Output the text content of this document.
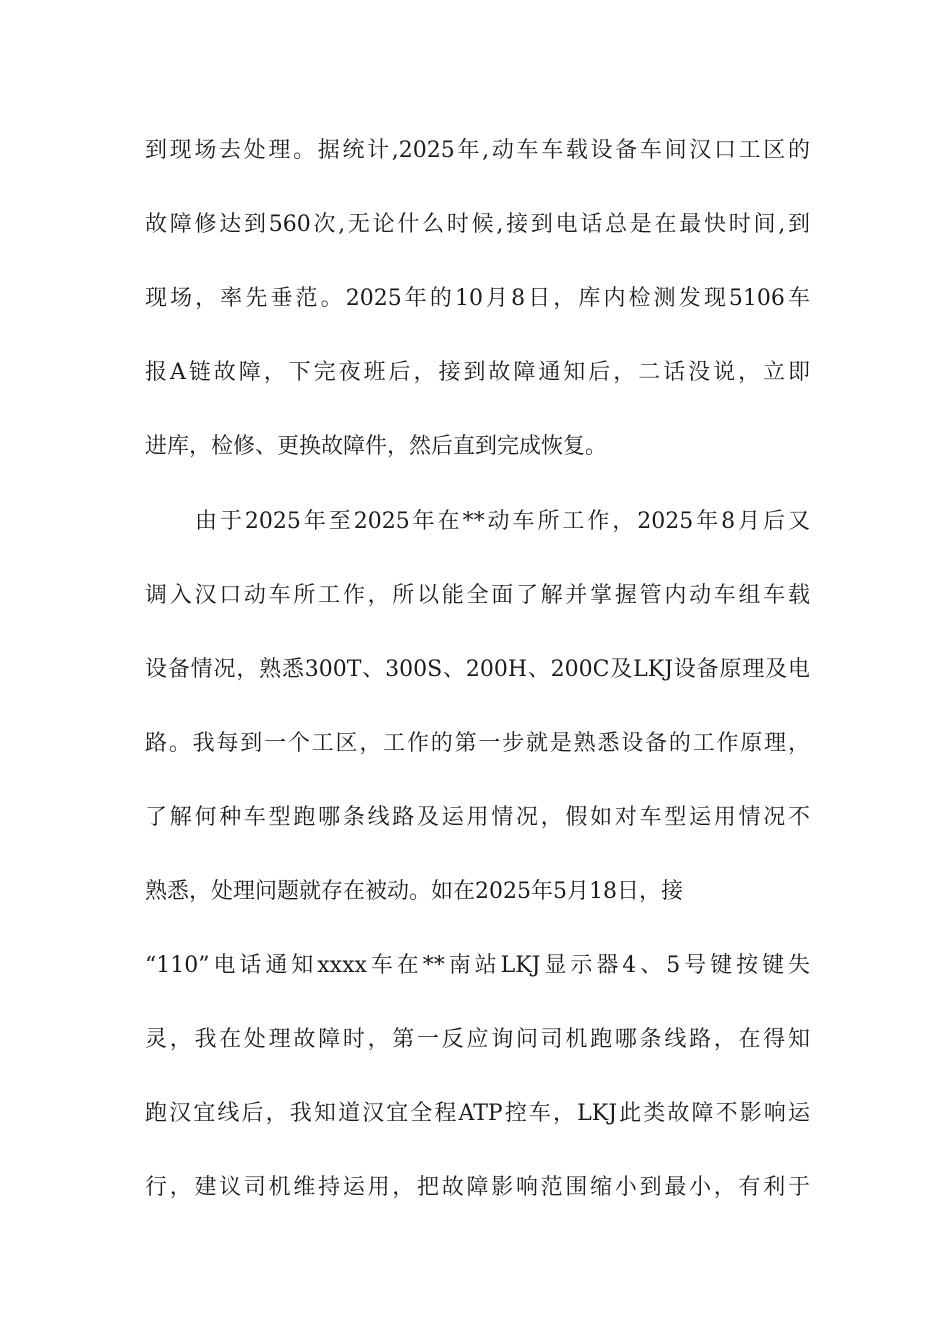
到现场去处理。据统计,2025年,动车车载设备车间汉口工区的
故障修达到560次,无论什么时候,接到电话总是在最快时间,到
现场，率先垂范。2025年的10月8日，库内检测发现5106车
报A链故障，下完夜班后，接到故障通知后，二话没说，立即
进库，检修、更换故障件，然后直到完成恢复。
由于2025年至2025年在**动车所工作，2025年8月后又
调入汉口动车所工作，所以能全面了解并掌握管内动车组车载
设备情况，熟悉300T、300S、200H、200C及LKJ设备原理及电
路。我每到一个工区，工作的第一步就是熟悉设备的工作原理，
了解何种车型跑哪条线路及运用情况，假如对车型运用情况不
熟悉，处理问题就存在被动。如在2025年5月18日，接
“110”电话通知xxxx车在**南站LKJ显示器4、5号键按键失
灵，我在处理故障时，第一反应询问司机跑哪条线路，在得知
跑汉宜线后，我知道汉宜全程ATP控车，LKJ此类故障不影响运
行，建议司机维持运用，把故障影响范围缩小到最小，有利于
